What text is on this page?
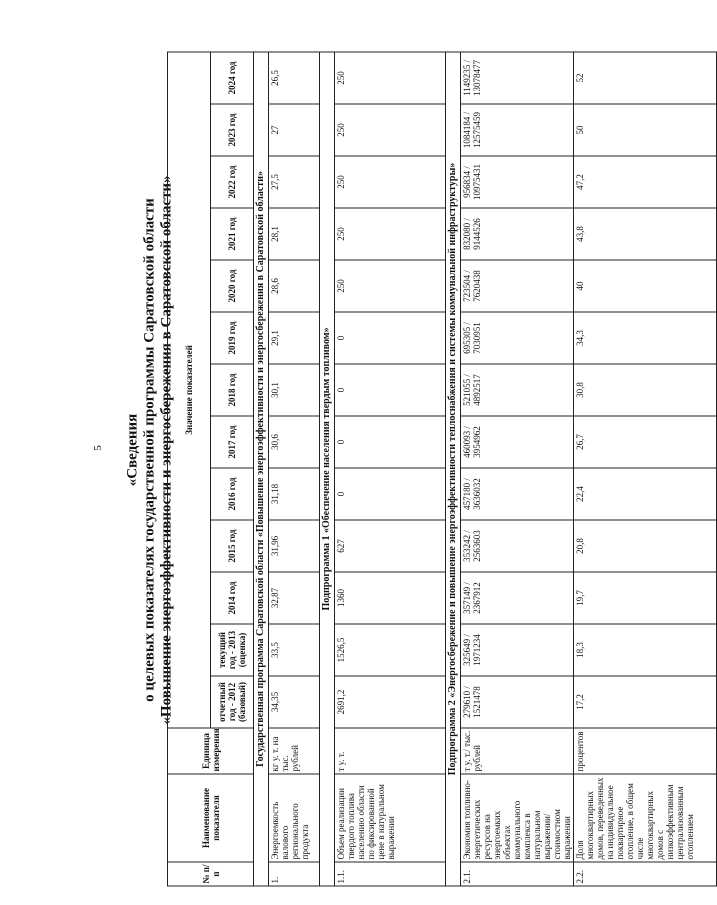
5 «Сведения о целевых показателях государственной программы Саратовской области «Повышение энергоэффективности и энергосбережения в Саратовской области»
№ п/п	Наименование показателя	Единица измерения	Значение показателей												
			отчетный год - 2012 (базовый)	текущий год - 2013 (оценка)	2014 год	2015 год	2016 год	2017 год	2018 год	2019 год	2020 год	2021 год	2022 год	2023 год	2024 год
Государственная программа Саратовской области «Повышение энергоэффективности и энергосбережения в Саратовской области»															
1.	Энергоемкость валового регионального продукта	кг у. т. на тыс. рублей	34,35	33,5	32,87	31,96	31,18	30,6	30,1	29,1	28,6	28,1	27,5	27	26,5
Подпрограмма 1 «Обеспечение населения твердым топливом»															
1.1.	Объем реализации твердого топлива населению области по фиксированной цене в натуральном выражении	т у. т.	2691,2	1526,5	1360	627	0	0	0	0	250	250	250	250	250
Подпрограмма 2 «Энергосбережение и повышение энергоэффективности теплоснабжения и системы коммунальной инфраструктуры»															
2.1.	Экономия топливно-энергетических ресурсов на энергоемких объектах коммунального комплекса в натуральном выражении/ стоимостном выражении	т у. т./ тыс. рублей	279610 / 1521478	325649 / 1971234	357149 / 2367912	353242 / 2563603	457180 / 3636032	460093 / 3954962	521055 / 4892517	695305 / 7030951	723504 / 7620438	832080 / 9144526	956834 / 10975431	1084184 / 12575459	1149235 / 13078477
2.2.	Доля многоквартирных домов, переведенных на индивидуальное поквартирное отопление, в общем числе многоквартирных домов с низкоэффективным централизованным отоплением	процентов	17,2	18,3	19,7	20,8	22,4	26,7	30,8	34,3	40	43,8	47,2	50	52
